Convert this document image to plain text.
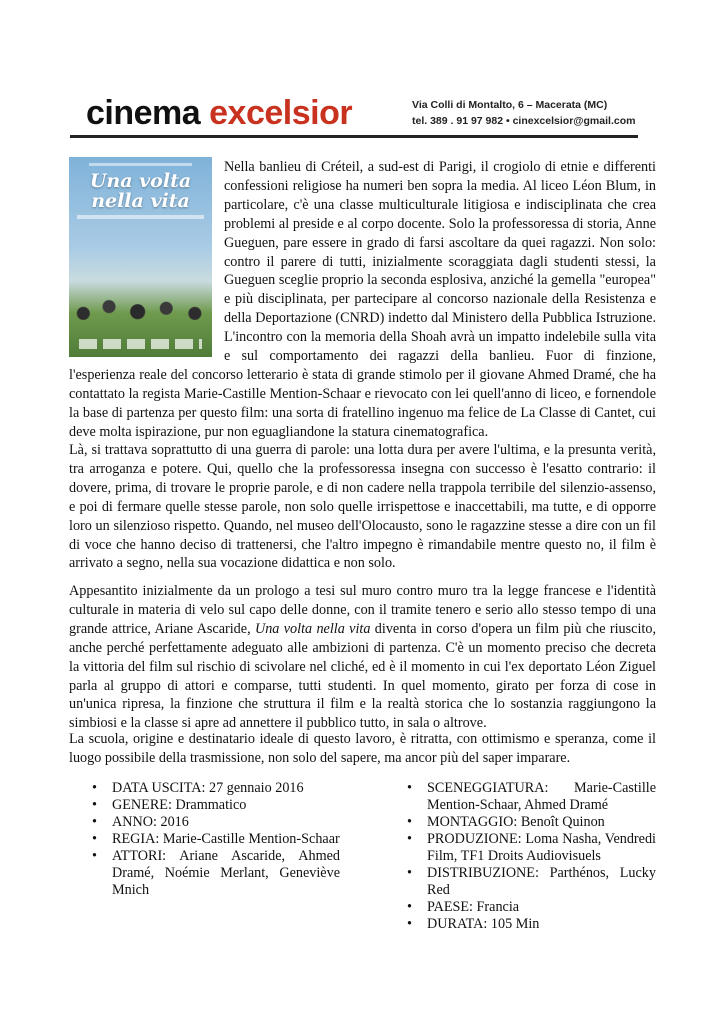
cinema excelsior	Via Colli di Montalto, 6 – Macerata (MC)
tel. 389 . 91 97 982 • cinexcelsior@gmail.com
Una volta nella vita

Nella banlieu di Créteil, a sud-est di Parigi, il crogiolo di etnie e differenti confessioni religiose ha numeri ben sopra la media. Al liceo Léon Blum, in particolare, c'è una classe multiculturale litigiosa e indisciplinata che crea problemi al preside e al corpo docente. Solo la professoressa di storia, Anne Gueguen, pare essere in grado di farsi ascoltare da quei ragazzi. Non solo: contro il parere di tutti, inizialmente scoraggiata dagli studenti stessi, la Gueguen sceglie proprio la seconda esplosiva, anziché la gemella "europea" e più disciplinata, per partecipare al concorso nazionale della Resistenza e della Deportazione (CNRD) indetto dal Ministero della Pubblica Istruzione. L'incontro con la memoria della Shoah avrà un impatto indelebile sulla vita e sul comportamento dei ragazzi della banlieu. Fuor di finzione, l'esperienza reale del concorso letterario è stata di grande stimolo per il giovane Ahmed Dramé, che ha contattato la regista Marie-Castille Mention-Schaar e rievocato con lei quell'anno di liceo, e fornendole la base di partenza per questo film: una sorta di fratellino ingenuo ma felice de La Classe di Cantet, cui deve molta ispirazione, pur non eguagliandone la statura cinematografica.

Là, si trattava soprattutto di una guerra di parole: una lotta dura per avere l'ultima, e la presunta verità, tra arroganza e potere. Qui, quello che la professoressa insegna con successo è l'esatto contrario: il dovere, prima, di trovare le proprie parole, e di non cadere nella trappola terribile del silenzio-assenso, e poi di fermare quelle stesse parole, non solo quelle irrispettose e inaccettabili, ma tutte, e di opporre loro un silenzioso rispetto. Quando, nel museo dell'Olocausto, sono le ragazzine stesse a dire con un fil di voce che hanno deciso di trattenersi, che l'altro impegno è rimandabile mentre questo no, il film è arrivato a segno, nella sua vocazione didattica e non solo.

Appesantito inizialmente da un prologo a tesi sul muro contro muro tra la legge francese e l'identità culturale in materia di velo sul capo delle donne, con il tramite tenero e serio allo stesso tempo di una grande attrice, Ariane Ascaride, Una volta nella vita diventa in corso d'opera un film più che riuscito, anche perché perfettamente adeguato alle ambizioni di partenza. C'è un momento preciso che decreta la vittoria del film sul rischio di scivolare nel cliché, ed è il momento in cui l'ex deportato Léon Ziguel parla al gruppo di attori e comparse, tutti studenti. In quel momento, girato per forza di cose in un'unica ripresa, la finzione che struttura il film e la realtà storica che lo sostanzia raggiungono la simbiosi e la classe si apre ad annettere il pubblico tutto, in sala o altrove.

La scuola, origine e destinatario ideale di questo lavoro, è ritratta, con ottimismo e speranza, come il luogo possibile della trasmissione, non solo del sapere, ma ancor più del saper imparare.

• DATA USCITA: 27 gennaio 2016
• GENERE: Drammatico
• ANNO: 2016
• REGIA: Marie-Castille Mention-Schaar
• ATTORI: Ariane Ascaride, Ahmed Dramé, Noémie Merlant, Geneviève Mnich
• SCENEGGIATURA: Marie-Castille Mention-Schaar, Ahmed Dramé
• MONTAGGIO: Benoît Quinon
• PRODUZIONE: Loma Nasha, Vendredi Film, TF1 Droits Audiovisuels
• DISTRIBUZIONE: Parthénos, Lucky Red
• PAESE: Francia
• DURATA: 105 Min
